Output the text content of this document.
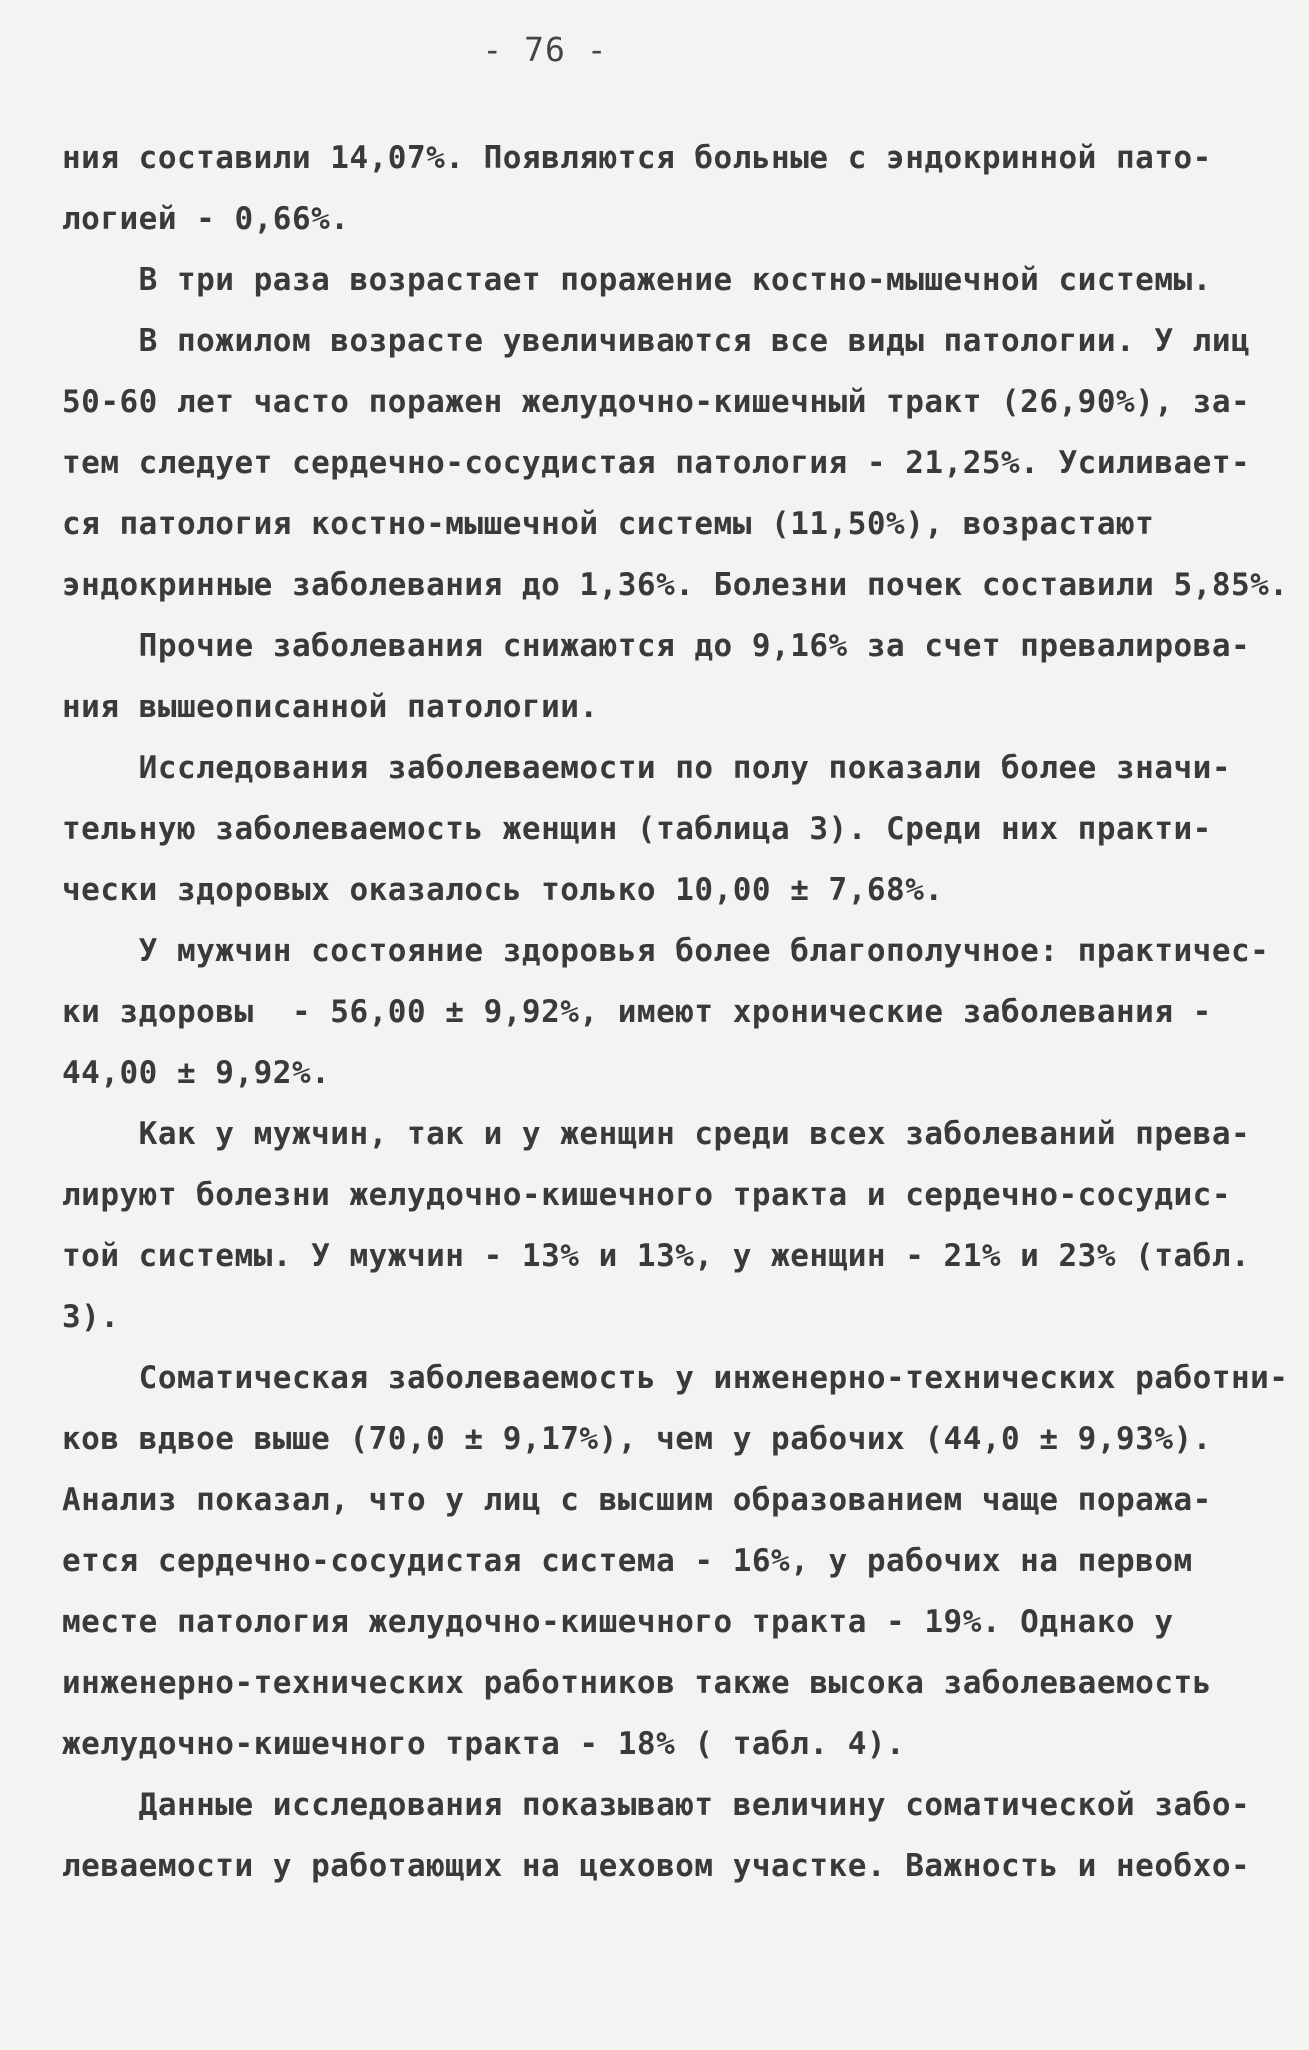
- 76 -
ния составили 14,07%. Появляются больные с эндокринной пато-
логией - 0,66%.
В три раза возрастает поражение костно-мышечной системы.
В пожилом возрасте увеличиваются все виды патологии. У лиц
50-60 лет часто поражен желудочно-кишечный тракт (26,90%), за-
тем следует сердечно-сосудистая патология - 21,25%. Усиливает-
ся патология костно-мышечной системы (11,50%), возрастают
эндокринные заболевания до 1,36%. Болезни почек составили 5,85%.
Прочие заболевания снижаются до 9,16% за счет превалирова-
ния вышеописанной патологии.
Исследования заболеваемости по полу показали более значи-
тельную заболеваемость женщин (таблица 3). Среди них практи-
чески здоровых оказалось только 10,00 ± 7,68%.
У мужчин состояние здоровья более благополучное: практичес-
ки здоровы  - 56,00 ± 9,92%, имеют хронические заболевания -
44,00 ± 9,92%.
Как у мужчин, так и у женщин среди всех заболеваний прева-
лируют болезни желудочно-кишечного тракта и сердечно-сосудис-
той системы. У мужчин - 13% и 13%, у женщин - 21% и 23% (табл.
3).
Соматическая заболеваемость у инженерно-технических работни-
ков вдвое выше (70,0 ± 9,17%), чем у рабочих (44,0 ± 9,93%).
Анализ показал, что у лиц с высшим образованием чаще поража-
ется сердечно-сосудистая система - 16%, у рабочих на первом
месте патология желудочно-кишечного тракта - 19%. Однако у
инженерно-технических работников также высока заболеваемость
желудочно-кишечного тракта - 18% ( табл. 4).
Данные исследования показывают величину соматической забо-
леваемости у работающих на цеховом участке. Важность и необхо-
